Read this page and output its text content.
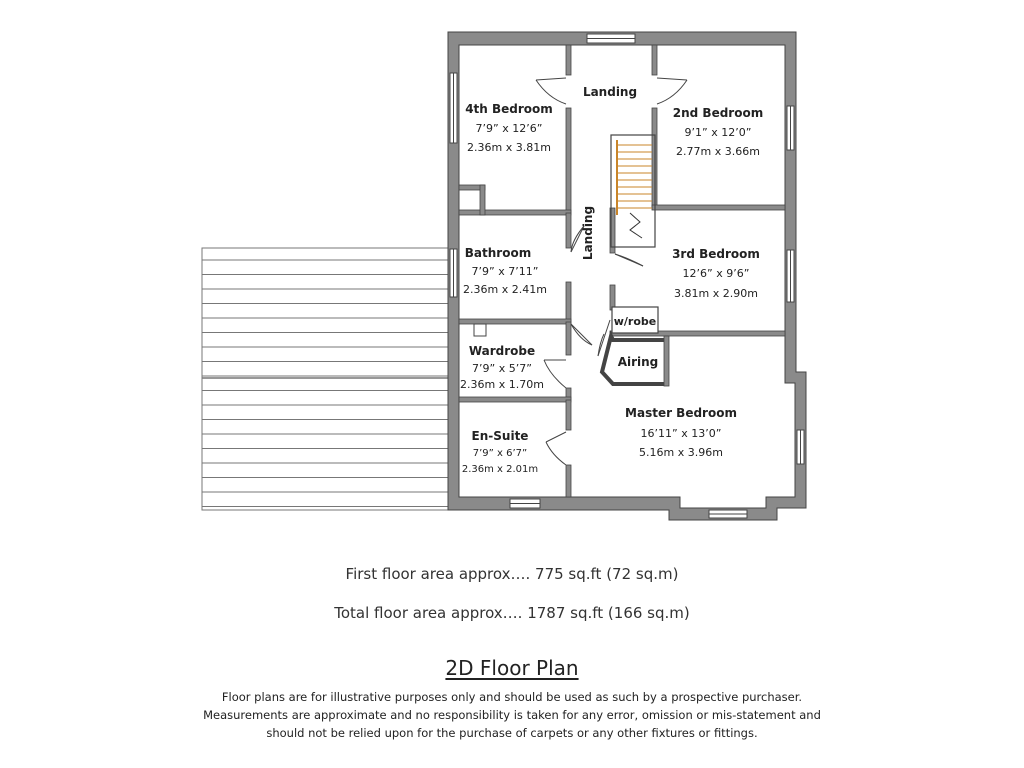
Landing
Landing
4th Bedroom
7’9” x 12’6”
2.36m x 3.81m
2nd Bedroom
9’1” x 12’0”
2.77m x 3.66m
Bathroom
7’9” x 7’11”
2.36m x 2.41m
3rd Bedroom
12’6” x 9’6”
3.81m x 2.90m
w/robe
Airing
Wardrobe
7’9” x 5’7”
2.36m x 1.70m
En-Suite
7’9” x 6’7”
2.36m x 2.01m
Master Bedroom
16’11” x 13’0”
5.16m x 3.96m
First floor area approx…. 775 sq.ft (72 sq.m)
Total floor area approx…. 1787 sq.ft (166 sq.m)
2D Floor Plan
Floor plans are for illustrative purposes only and should be used as such by a prospective purchaser.
Measurements are approximate and no responsibility is taken for any error, omission or mis-statement and
should not be relied upon for the purchase of carpets or any other fixtures or fittings.
